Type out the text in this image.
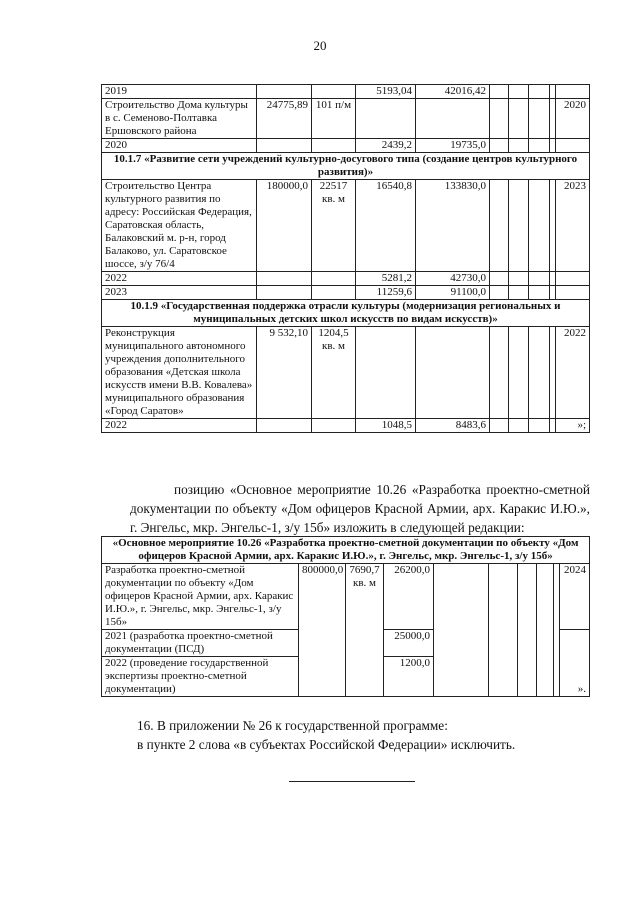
20
2019			5193,04	42016,42					
Строительство Дома культуры в с. Семеново-Полтавка Ершовского района	24775,89	101 п/м							2020
2020			2439,2	19735,0					
10.1.7 «Развитие сети учреждений культурно-досугового типа (создание центров культурного развития)»									
Строительство Центра культурного развития по адресу: Российская Федерация, Саратовская область, Балаковский м. р-н, город Балаково, ул. Саратовское шоссе, з/у 76/4	180000,0	22517 кв. м	16540,8	133830,0					2023
2022			5281,2	42730,0					
2023			11259,6	91100,0					
10.1.9 «Государственная поддержка отрасли культуры (модернизация региональных и муниципальных детских школ искусств по видам искусств)»									
Реконструкция муниципального автономного учреждения дополнительного образования «Детская школа искусств имени В.В. Ковалева» муниципального образования «Город Саратов»	9 532,10	1204,5 кв. м							2022
2022			1048,5	8483,6					»;
позицию «Основное мероприятие 10.26 «Разработка проектно-сметной документации по объекту «Дом офицеров Красной Армии, арх. Каракис И.Ю.», г. Энгельс, мкр. Энгельс-1, з/у 15б» изложить в следующей редакции:
«Основное мероприятие 10.26 «Разработка проектно-сметной документации по объекту «Дом офицеров Красной Армии, арх. Каракис И.Ю.», г. Энгельс, мкр. Энгельс-1, з/у 15б»									
Разработка проектно-сметной документации по объекту «Дом офицеров Красной Армии, арх. Каракис И.Ю.», г. Энгельс, мкр. Энгельс-1, з/у 15б»	800000,0	7690,7 кв. м	26200,0						2024
2021 (разработка проектно-сметной документации (ПСД)			25000,0						».
2022 (проведение государственной экспертизы проектно-сметной документации)			1200,0						
16. В приложении № 26 к государственной программе:
в пункте 2 слова «в субъектах Российской Федерации» исключить.
